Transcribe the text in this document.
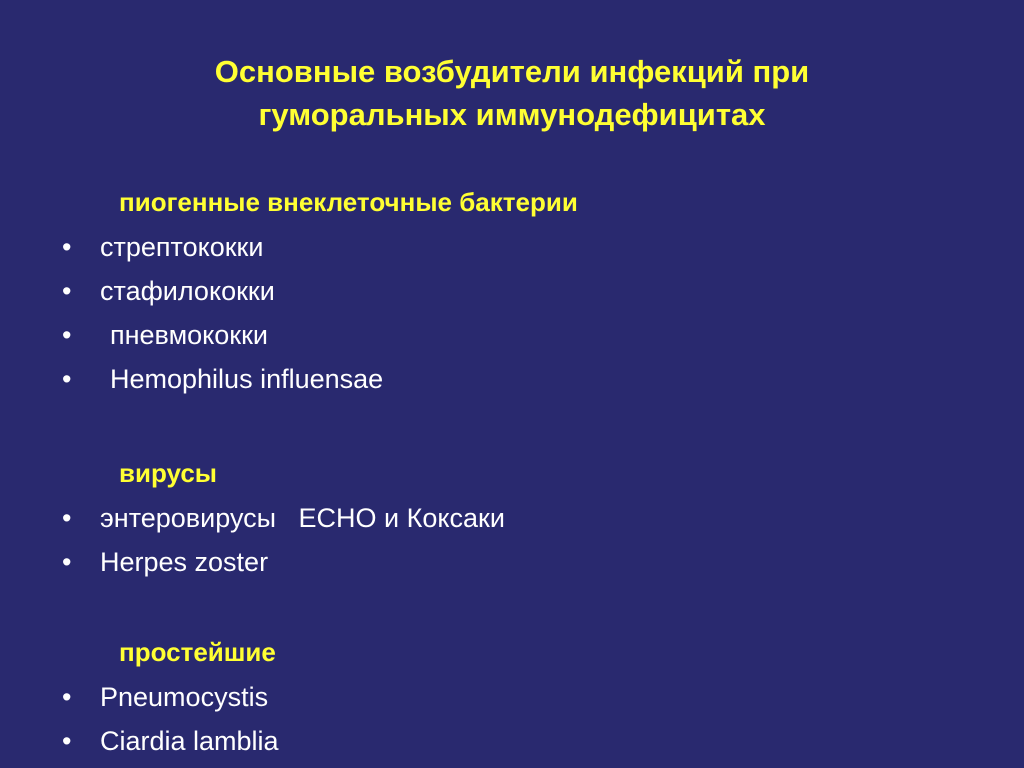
Основные возбудители инфекций при
гуморальных иммунодефицитах
пиогенные внеклеточные бактерии
• стрептококки
• стафилококки
• пневмококки
• Hemophilus influensae
вирусы
• энтеровирусы   ЕСНО и Коксаки
• Herpes zoster
простейшие
• Pneumocystis
• Ciardia lamblia
